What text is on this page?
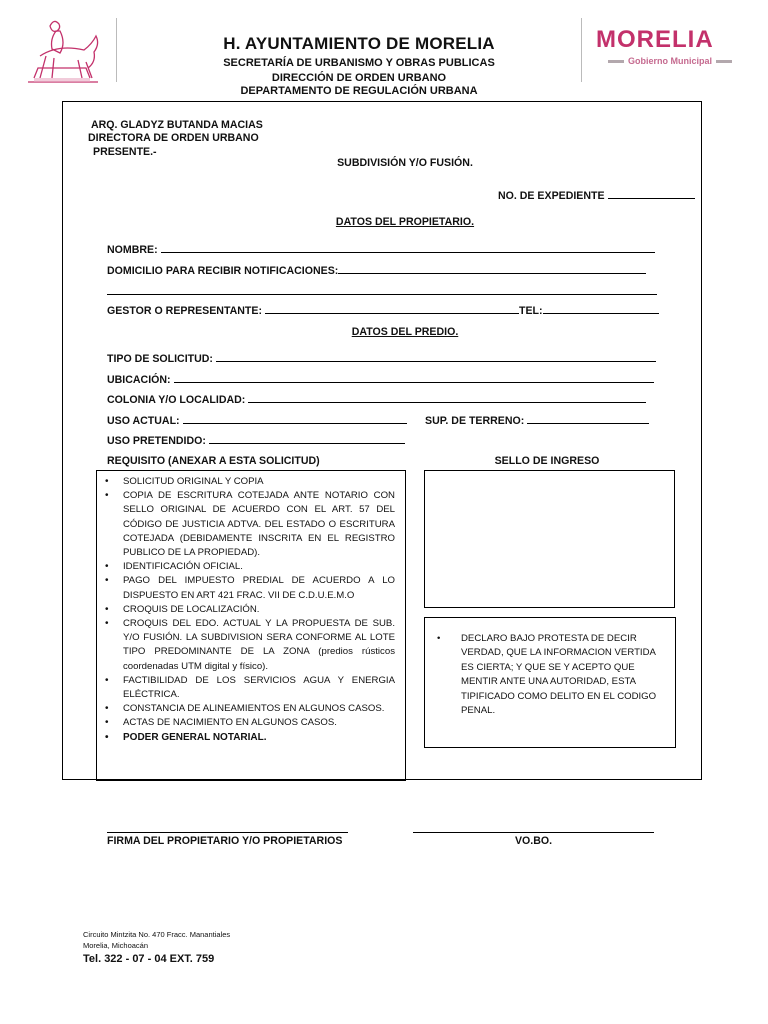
H. AYUNTAMIENTO DE MORELIA
SECRETARÍA DE URBANISMO Y OBRAS PUBLICAS
DIRECCIÓN DE ORDEN URBANO
DEPARTAMENTO DE REGULACIÓN URBANA
MORELIA
Gobierno Municipal
ARQ. GLADYZ BUTANDA MACIAS
DIRECTORA DE ORDEN URBANO
PRESENTE.-
SUBDIVISIÓN Y/O FUSIÓN.
NO. DE EXPEDIENTE
DATOS DEL PROPIETARIO.
NOMBRE:
DOMICILIO PARA RECIBIR NOTIFICACIONES:
GESTOR O REPRESENTANTE:	TEL:
DATOS DEL PREDIO.
TIPO DE SOLICITUD:
UBICACIÓN:
COLONIA Y/O LOCALIDAD:
USO ACTUAL:	SUP. DE TERRENO:
USO PRETENDIDO:
REQUISITO (ANEXAR A ESTA SOLICITUD)	SELLO DE INGRESO
• SOLICITUD ORIGINAL Y COPIA
• COPIA DE ESCRITURA COTEJADA ANTE NOTARIO CON SELLO ORIGINAL DE ACUERDO CON EL ART. 57 DEL CÓDIGO DE JUSTICIA ADTVA. DEL ESTADO O ESCRITURA COTEJADA (DEBIDAMENTE INSCRITA EN EL REGISTRO PUBLICO DE LA PROPIEDAD).
• IDENTIFICACIÓN OFICIAL.
• PAGO DEL IMPUESTO PREDIAL DE ACUERDO A LO DISPUESTO EN ART 421 FRAC. VII DE C.D.U.E.M.O
• CROQUIS DE LOCALIZACIÓN.
• CROQUIS DEL EDO. ACTUAL Y LA PROPUESTA DE SUB. Y/O FUSIÓN. LA SUBDIVISION SERA CONFORME AL LOTE TIPO PREDOMINANTE DE LA ZONA (predios rústicos coordenadas UTM digital y físico).
• FACTIBILIDAD DE LOS SERVICIOS AGUA Y ENERGIA ELÉCTRICA.
• CONSTANCIA DE ALINEAMIENTOS EN ALGUNOS CASOS.
• ACTAS DE NACIMIENTO EN ALGUNOS CASOS.
• PODER GENERAL NOTARIAL.
• DECLARO BAJO PROTESTA DE DECIR VERDAD, QUE LA INFORMACION VERTIDA ES CIERTA; Y QUE SE Y ACEPTO QUE MENTIR ANTE UNA AUTORIDAD, ESTA TIPIFICADO COMO DELITO EN EL CODIGO PENAL.
FIRMA DEL PROPIETARIO Y/O PROPIETARIOS	VO.BO.
Circuito Mintzita No. 470 Fracc. Manantiales
Morelia, Michoacán
Tel. 322 - 07 - 04 EXT. 759
